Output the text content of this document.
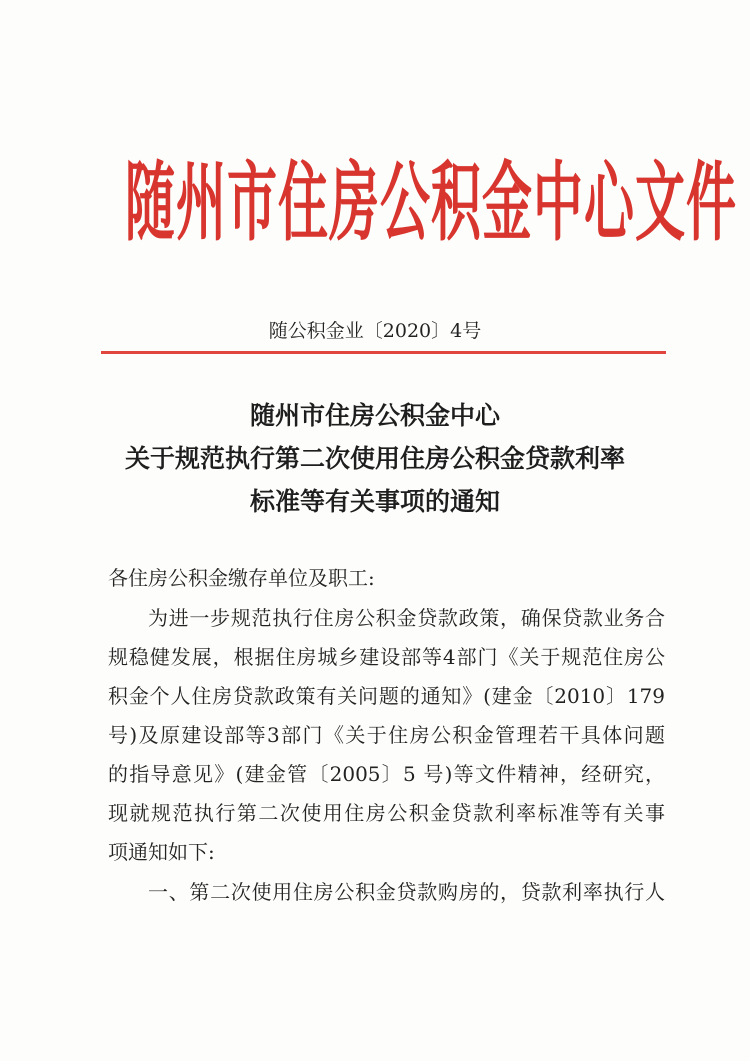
随州市住房公积金中心文件
随公积金业〔2020〕4号
随州市住房公积金中心
关于规范执行第二次使用住房公积金贷款利率
标准等有关事项的通知
各住房公积金缴存单位及职工:
为进一步规范执行住房公积金贷款政策，确保贷款业务合
规稳健发展，根据住房城乡建设部等4部门《关于规范住房公
积金个人住房贷款政策有关问题的通知》(建金〔2010〕179
号)及原建设部等3部门《关于住房公积金管理若干具体问题
的指导意见》(建金管〔2005〕5 号)等文件精神，经研究，
现就规范执行第二次使用住房公积金贷款利率标准等有关事
项通知如下:
一、第二次使用住房公积金贷款购房的，贷款利率执行人
